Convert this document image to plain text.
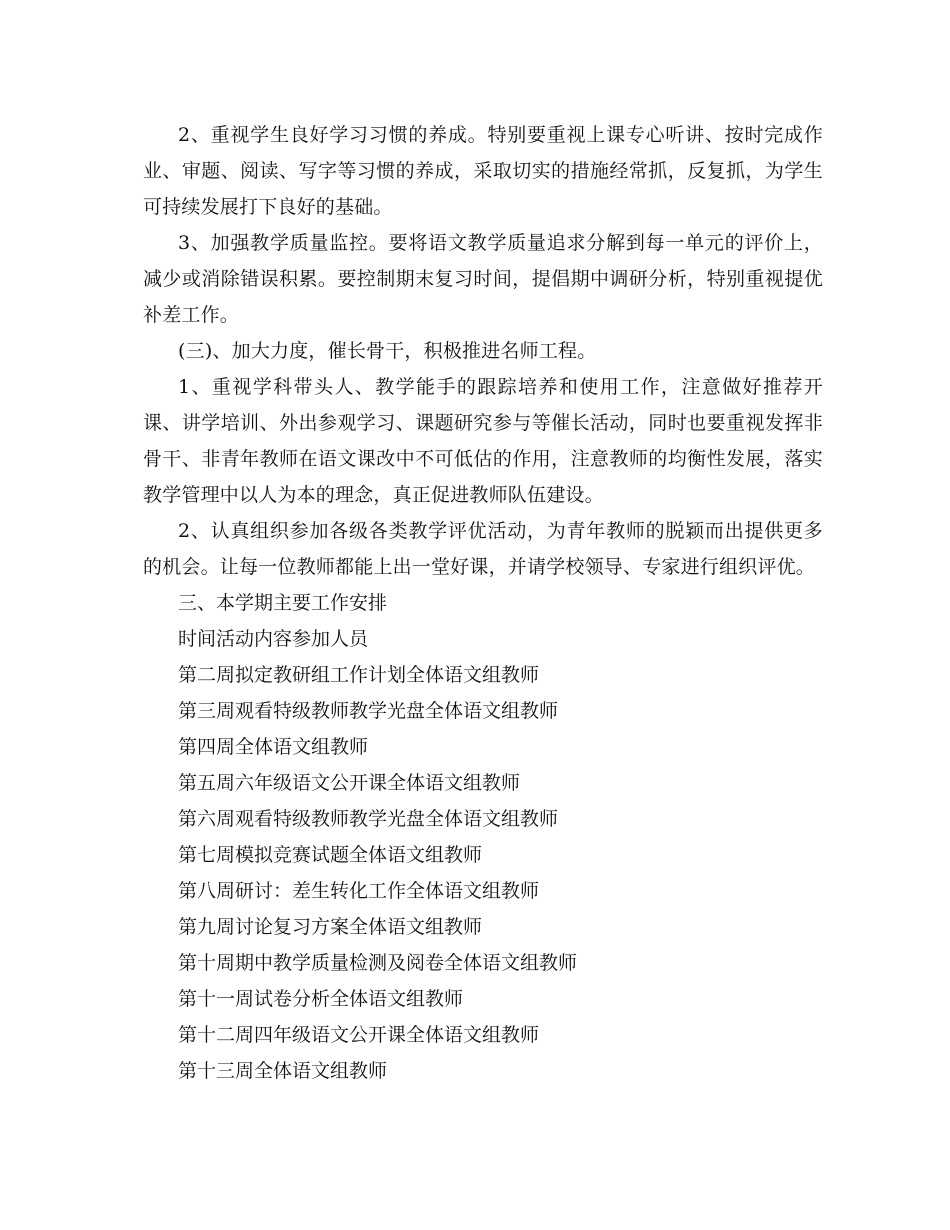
2、重视学生良好学习习惯的养成。特别要重视上课专心听讲、按时完成作业、审题、阅读、写字等习惯的养成，采取切实的措施经常抓，反复抓，为学生可持续发展打下良好的基础。

3、加强教学质量监控。要将语文教学质量追求分解到每一单元的评价上，减少或消除错误积累。要控制期末复习时间，提倡期中调研分析，特别重视提优补差工作。

(三)、加大力度，催长骨干，积极推进名师工程。

1、重视学科带头人、教学能手的跟踪培养和使用工作，注意做好推荐开课、讲学培训、外出参观学习、课题研究参与等催长活动，同时也要重视发挥非骨干、非青年教师在语文课改中不可低估的作用，注意教师的均衡性发展，落实教学管理中以人为本的理念，真正促进教师队伍建设。

2、认真组织参加各级各类教学评优活动，为青年教师的脱颖而出提供更多的机会。让每一位教师都能上出一堂好课，并请学校领导、专家进行组织评优。

三、本学期主要工作安排
时间活动内容参加人员
第二周拟定教研组工作计划全体语文组教师
第三周观看特级教师教学光盘全体语文组教师
第四周全体语文组教师
第五周六年级语文公开课全体语文组教师
第六周观看特级教师教学光盘全体语文组教师
第七周模拟竞赛试题全体语文组教师
第八周研讨：差生转化工作全体语文组教师
第九周讨论复习方案全体语文组教师
第十周期中教学质量检测及阅卷全体语文组教师
第十一周试卷分析全体语文组教师
第十二周四年级语文公开课全体语文组教师
第十三周全体语文组教师
